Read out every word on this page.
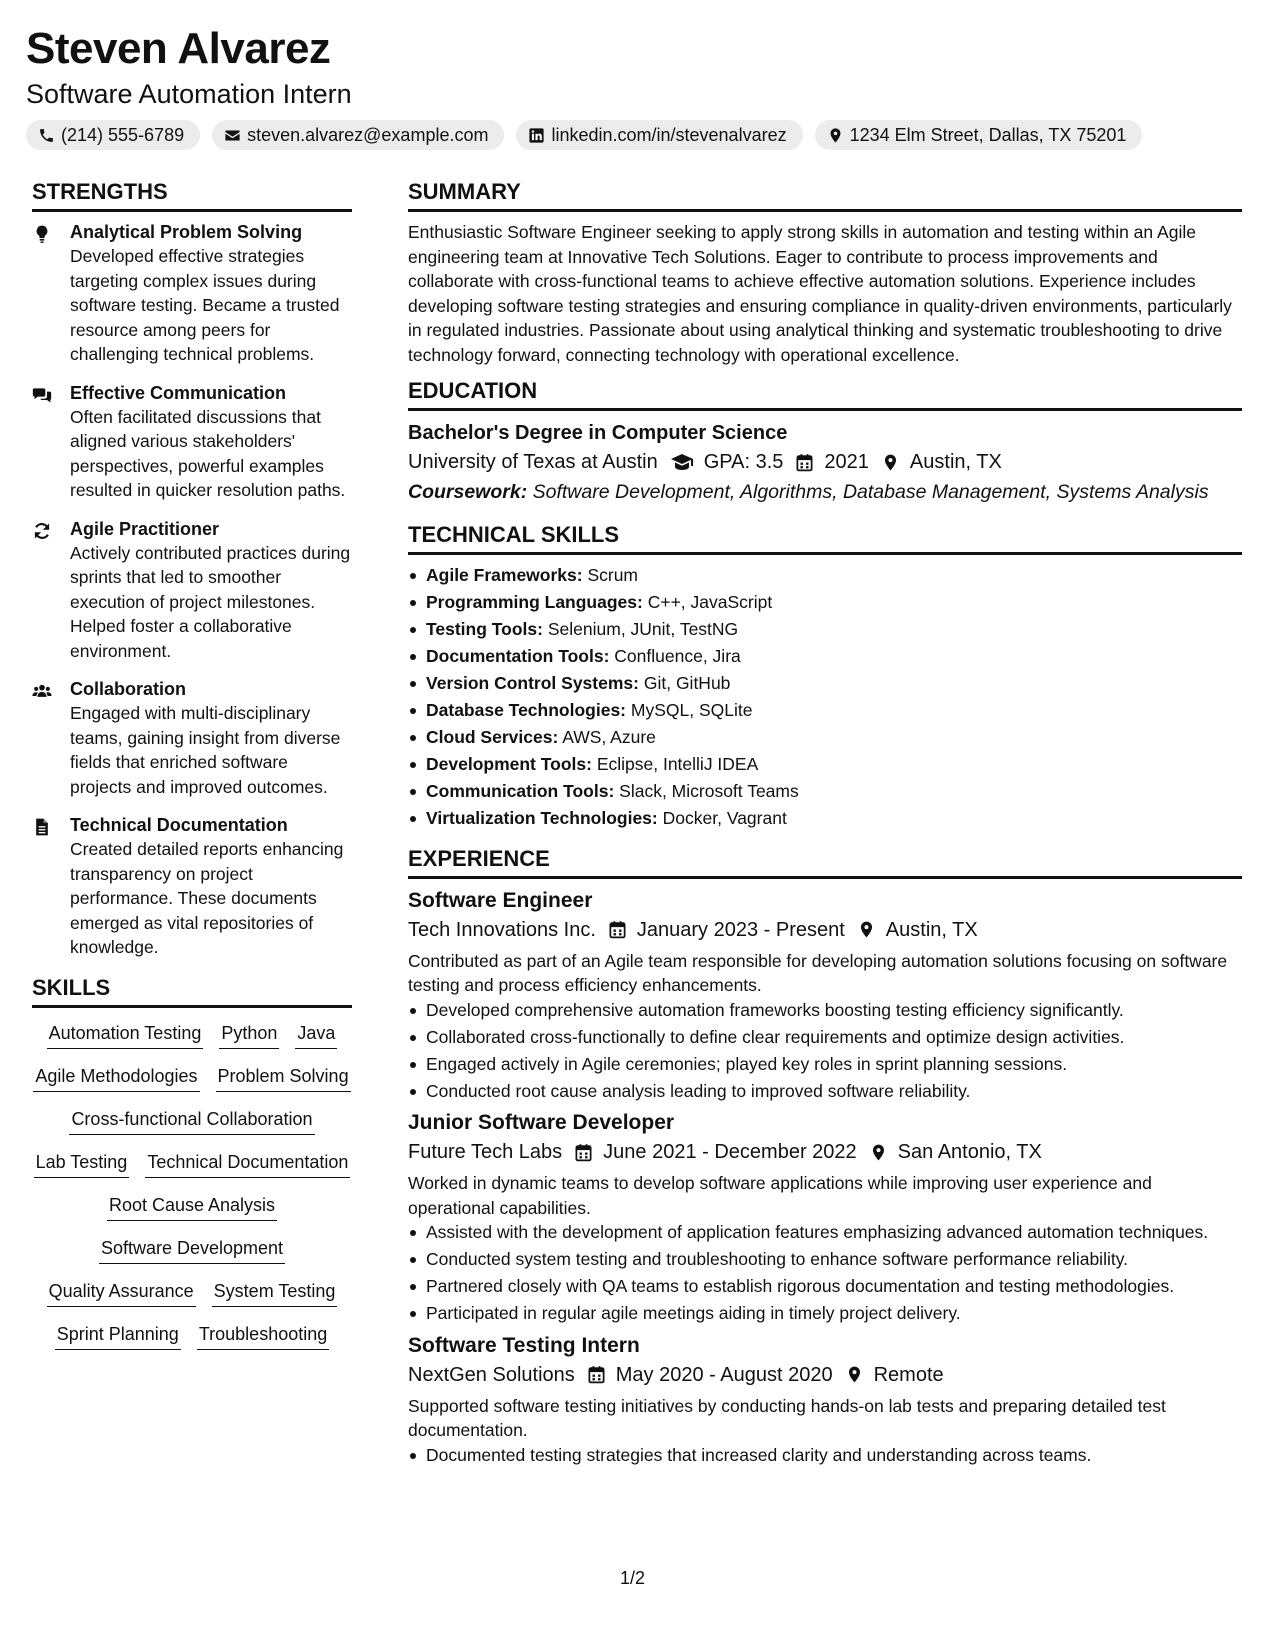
Steven Alvarez
Software Automation Intern
(214) 555-6789	steven.alvarez@example.com	linkedin.com/in/stevenalvarez	1234 Elm Street, Dallas, TX 75201
STRENGTHS
Analytical Problem Solving
Developed effective strategies targeting complex issues during software testing. Became a trusted resource among peers for challenging technical problems.
Effective Communication
Often facilitated discussions that aligned various stakeholders' perspectives, powerful examples resulted in quicker resolution paths.
Agile Practitioner
Actively contributed practices during sprints that led to smoother execution of project milestones. Helped foster a collaborative environment.
Collaboration
Engaged with multi-disciplinary teams, gaining insight from diverse fields that enriched software projects and improved outcomes.
Technical Documentation
Created detailed reports enhancing transparency on project performance. These documents emerged as vital repositories of knowledge.
SKILLS
Automation Testing Python Java
Agile Methodologies Problem Solving
Cross-functional Collaboration
Lab Testing Technical Documentation
Root Cause Analysis
Software Development
Quality Assurance System Testing
Sprint Planning Troubleshooting
SUMMARY
Enthusiastic Software Engineer seeking to apply strong skills in automation and testing within an Agile engineering team at Innovative Tech Solutions. Eager to contribute to process improvements and collaborate with cross-functional teams to achieve effective automation solutions. Experience includes developing software testing strategies and ensuring compliance in quality-driven environments, particularly in regulated industries. Passionate about using analytical thinking and systematic troubleshooting to drive technology forward, connecting technology with operational excellence.
EDUCATION
Bachelor's Degree in Computer Science
University of Texas at Austin GPA: 3.5 2021 Austin, TX
Coursework: Software Development, Algorithms, Database Management, Systems Analysis
TECHNICAL SKILLS
Agile Frameworks: Scrum
Programming Languages: C++, JavaScript
Testing Tools: Selenium, JUnit, TestNG
Documentation Tools: Confluence, Jira
Version Control Systems: Git, GitHub
Database Technologies: MySQL, SQLite
Cloud Services: AWS, Azure
Development Tools: Eclipse, IntelliJ IDEA
Communication Tools: Slack, Microsoft Teams
Virtualization Technologies: Docker, Vagrant
EXPERIENCE
Software Engineer
Tech Innovations Inc. January 2023 - Present Austin, TX
Contributed as part of an Agile team responsible for developing automation solutions focusing on software testing and process efficiency enhancements.
Developed comprehensive automation frameworks boosting testing efficiency significantly.
Collaborated cross-functionally to define clear requirements and optimize design activities.
Engaged actively in Agile ceremonies; played key roles in sprint planning sessions.
Conducted root cause analysis leading to improved software reliability.
Junior Software Developer
Future Tech Labs June 2021 - December 2022 San Antonio, TX
Worked in dynamic teams to develop software applications while improving user experience and operational capabilities.
Assisted with the development of application features emphasizing advanced automation techniques.
Conducted system testing and troubleshooting to enhance software performance reliability.
Partnered closely with QA teams to establish rigorous documentation and testing methodologies.
Participated in regular agile meetings aiding in timely project delivery.
Software Testing Intern
NextGen Solutions May 2020 - August 2020 Remote
Supported software testing initiatives by conducting hands-on lab tests and preparing detailed test documentation.
Documented testing strategies that increased clarity and understanding across teams.
1/2
